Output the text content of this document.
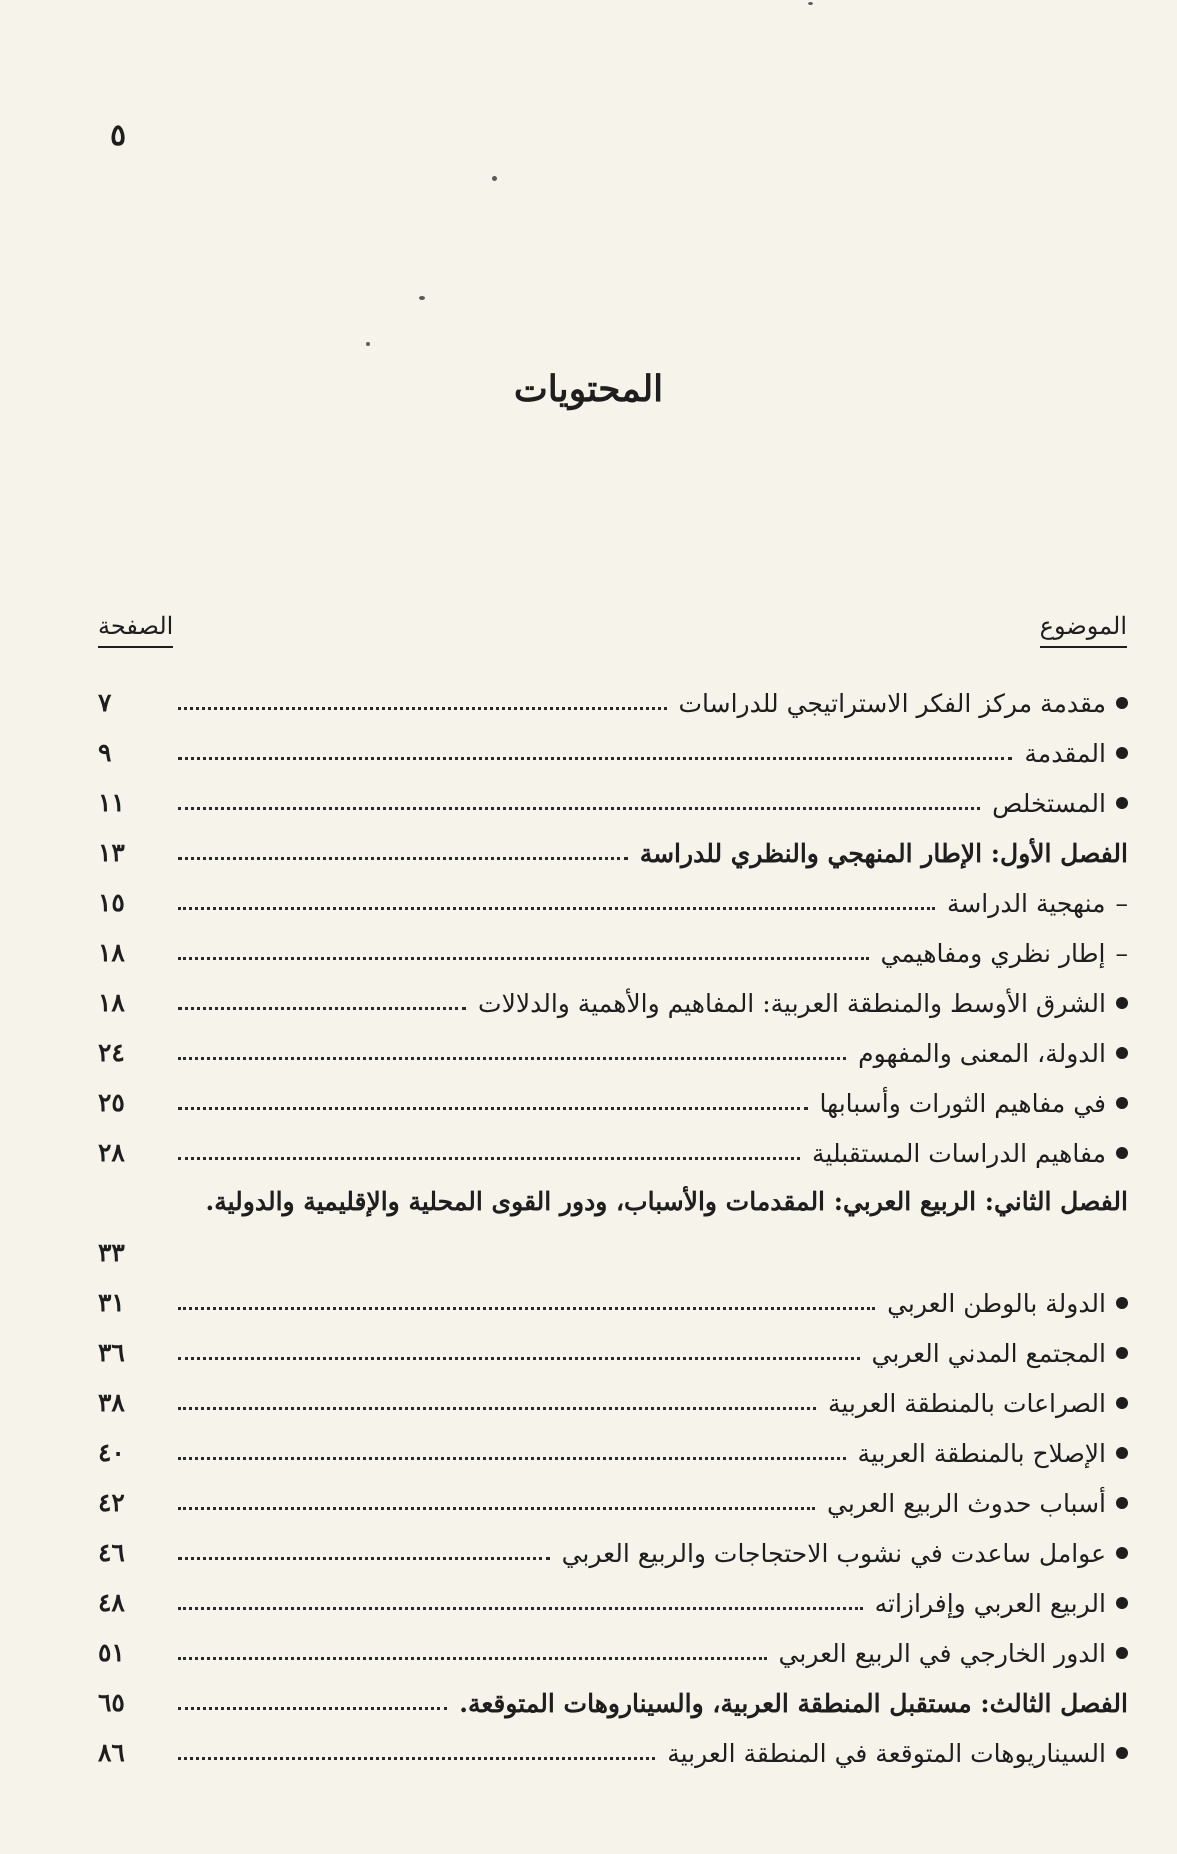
٥
المحتويات
الموضوع
الصفحة
مقدمة مركز الفكر الاستراتيجي للدراسات
٧
المقدمة
٩
المستخلص
١١
الفصل الأول: الإطار المنهجي والنظري للدراسة
١٣
–
منهجية الدراسة
١٥
–
إطار نظري ومفاهيمي
١٨
الشرق الأوسط والمنطقة العربية: المفاهيم والأهمية والدلالات
١٨
الدولة، المعنى والمفهوم
٢٤
في مفاهيم الثورات وأسبابها
٢٥
مفاهيم الدراسات المستقبلية
٢٨
الفصل الثاني: الربيع العربي: المقدمات والأسباب، ودور القوى المحلية والإقليمية والدولية.
٣٣
الدولة بالوطن العربي
٣١
المجتمع المدني العربي
٣٦
الصراعات بالمنطقة العربية
٣٨
الإصلاح بالمنطقة العربية
٤٠
أسباب حدوث الربيع العربي
٤٢
عوامل ساعدت في نشوب الاحتجاجات والربيع العربي
٤٦
الربيع العربي وإفرازاته
٤٨
الدور الخارجي في الربيع العربي
٥١
الفصل الثالث: مستقبل المنطقة العربية، والسيناروهات المتوقعة.
٦٥
السيناريوهات المتوقعة في المنطقة العربية
٨٦
